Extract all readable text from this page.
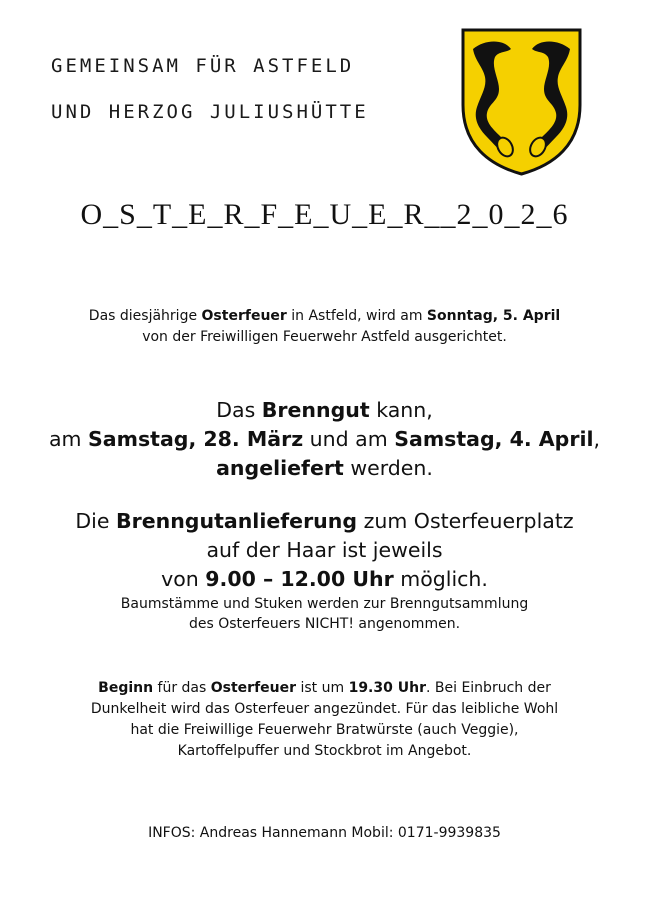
GEMEINSAM FÜR ASTFELD
UND HERZOG JULIUSHÜTTE
O_S_T_E_R_F_E_U_E_R__2_0_2_6
Das diesjährige Osterfeuer in Astfeld, wird am Sonntag, 5. April
von der Freiwilligen Feuerwehr Astfeld ausgerichtet.
Das Brenngut kann,
am Samstag, 28. März und am Samstag, 4. April,
angeliefert werden.
Die Brenngutanlieferung zum Osterfeuerplatz
auf der Haar ist jeweils
von 9.00 – 12.00 Uhr möglich.
Baumstämme und Stuken werden zur Brenngutsammlung
des Osterfeuers NICHT! angenommen.
Beginn für das Osterfeuer ist um 19.30 Uhr. Bei Einbruch der
Dunkelheit wird das Osterfeuer angezündet. Für das leibliche Wohl
hat die Freiwillige Feuerwehr Bratwürste (auch Veggie),
Kartoffelpuffer und Stockbrot im Angebot.
INFOS: Andreas Hannemann Mobil: 0171-9939835
